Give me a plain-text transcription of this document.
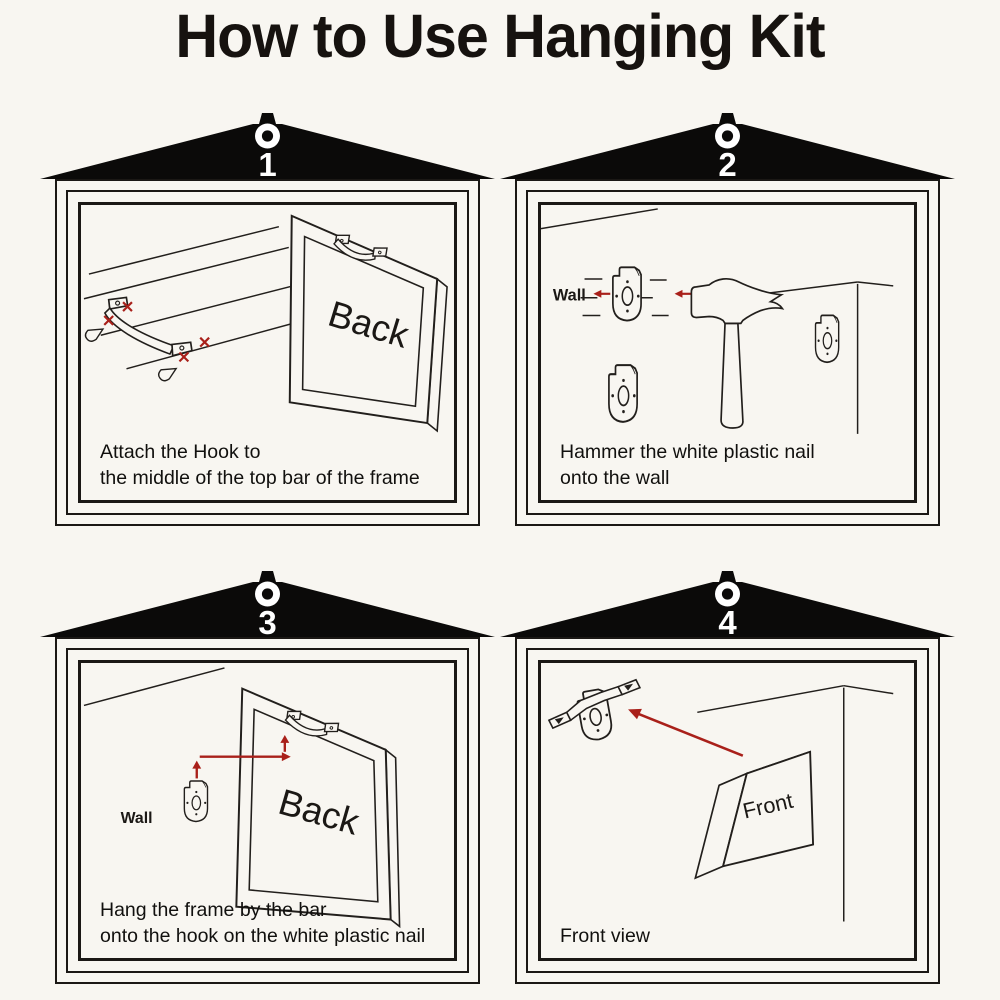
How to Use Hanging Kit
1
Back
Attach the Hook to
the middle of the top bar of the frame
2
Wall
Hammer the white plastic nail
onto the wall
3
Wall	Back
Hang the frame by the bar
onto the hook on the white plastic nail
4
Front
Front view
